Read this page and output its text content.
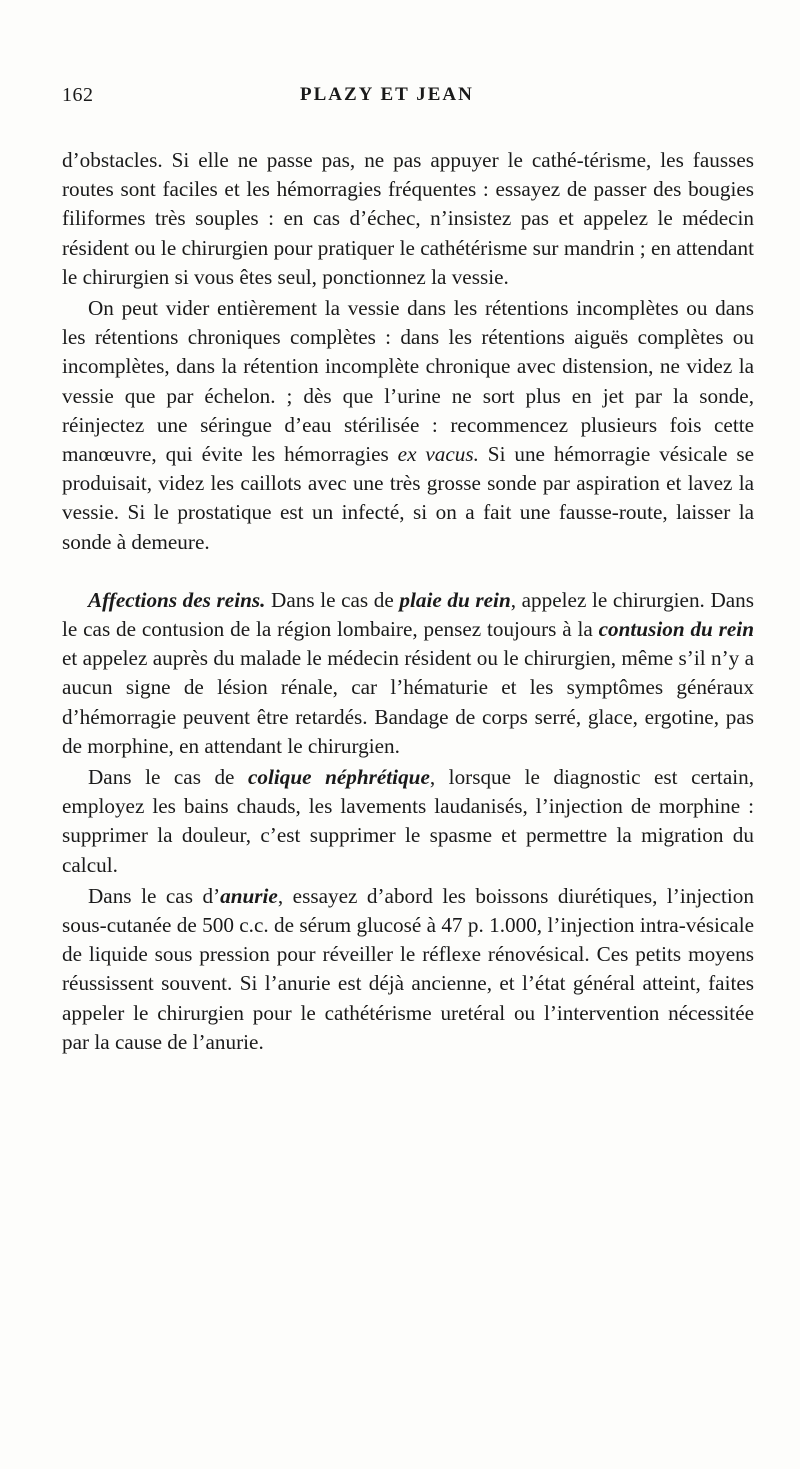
162	PLAZY ET JEAN

d’obstacles. Si elle ne passe pas, ne pas appuyer le cathé-térisme, les fausses routes sont faciles et les hémorragies fréquentes : essayez de passer des bougies filiformes très souples : en cas d’échec, n’insistez pas et appelez le médecin résident ou le chirurgien pour pratiquer le cathétérisme sur mandrin ; en attendant le chirurgien si vous êtes seul, ponctionnez la vessie.

On peut vider entièrement la vessie dans les rétentions incomplètes ou dans les rétentions chroniques complètes : dans les rétentions aiguës complètes ou incomplètes, dans la rétention incomplète chronique avec distension, ne videz la vessie que par échelon. ; dès que l’urine ne sort plus en jet par la sonde, réinjectez une séringue d’eau stérilisée : recommencez plusieurs fois cette manœuvre, qui évite les hémorragies ex vacus. Si une hémorragie vésicale se produisait, videz les caillots avec une très grosse sonde par aspiration et lavez la vessie. Si le prostatique est un infecté, si on a fait une fausse-route, laisser la sonde à demeure.

Affections des reins. Dans le cas de plaie du rein, appelez le chirurgien. Dans le cas de contusion de la région lombaire, pensez toujours à la contusion du rein et appelez auprès du malade le médecin résident ou le chirurgien, même s’il n’y a aucun signe de lésion rénale, car l’hématurie et les symptômes généraux d’hémorragie peuvent être retardés. Bandage de corps serré, glace, ergotine, pas de morphine, en attendant le chirurgien.

Dans le cas de colique néphrétique, lorsque le diagnostic est certain, employez les bains chauds, les lavements laudanisés, l’injection de morphine : supprimer la douleur, c’est supprimer le spasme et permettre la migration du calcul.

Dans le cas d’anurie, essayez d’abord les boissons diurétiques, l’injection sous-cutanée de 500 c.c. de sérum glucosé à 47 p. 1.000, l’injection intra-vésicale de liquide sous pression pour réveiller le réflexe rénovésical. Ces petits moyens réussissent souvent. Si l’anurie est déjà ancienne, et l’état général atteint, faites appeler le chirurgien pour le cathétérisme uretéral ou l’intervention nécessitée par la cause de l’anurie.
